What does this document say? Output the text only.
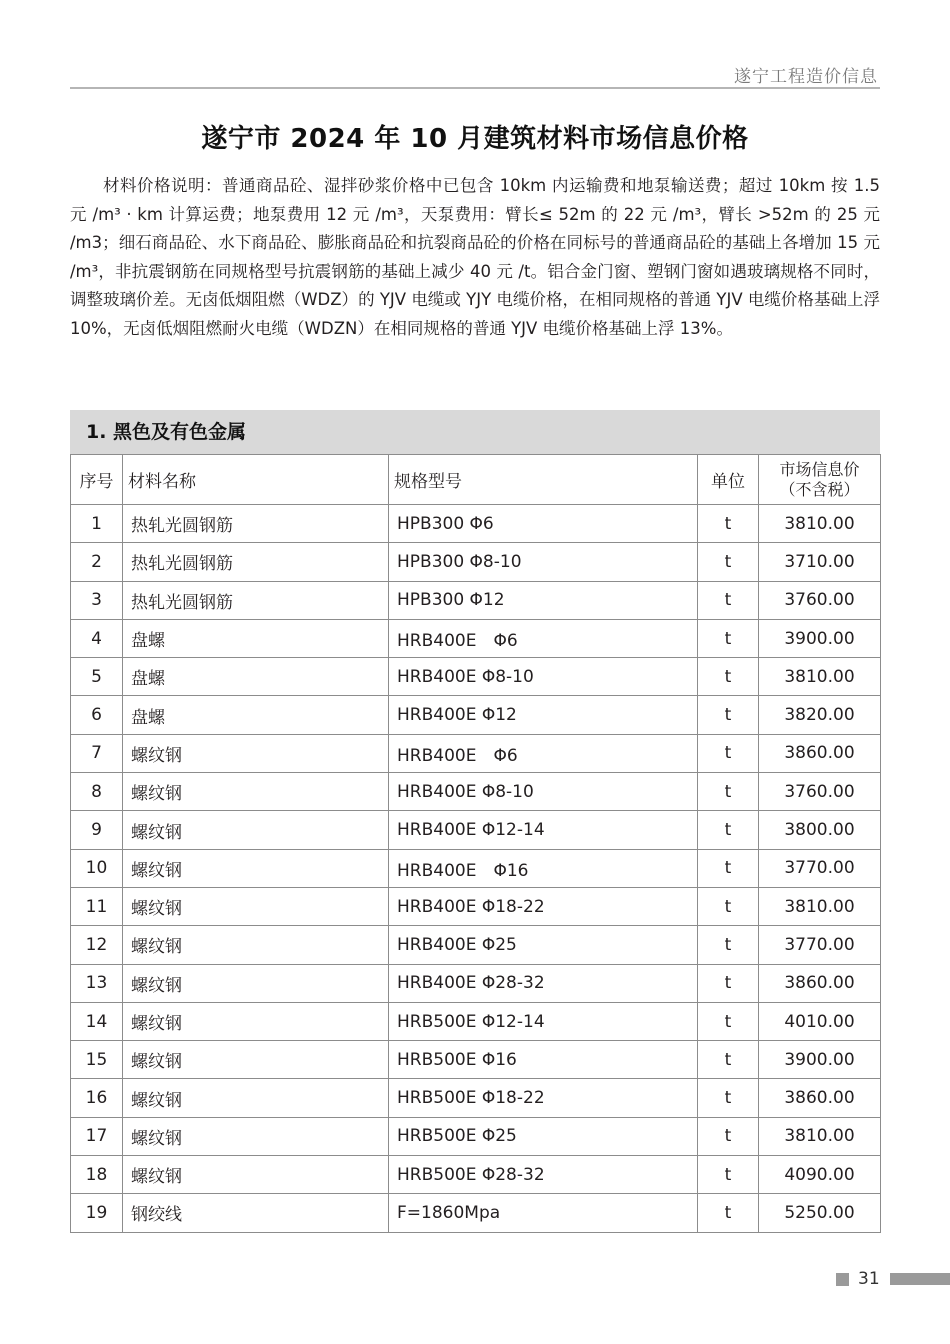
遂宁工程造价信息
遂宁市 2024 年 10 月建筑材料市场信息价格

材料价格说明：普通商品砼、湿拌砂浆价格中已包含 10km 内运输费和地泵输送费；超过 10km 按 1.5 元 /m³ · km 计算运费；地泵费用 12 元 /m³，天泵费用：臂长≤ 52m 的 22 元 /m³，臂长 >52m 的 25 元 /m3；细石商品砼、水下商品砼、膨胀商品砼和抗裂商品砼的价格在同标号的普通商品砼的基础上各增加 15 元 /m³，非抗震钢筋在同规格型号抗震钢筋的基础上减少 40 元 /t。铝合金门窗、塑钢门窗如遇玻璃规格不同时，调整玻璃价差。无卤低烟阻燃（WDZ）的 YJV 电缆或 YJY 电缆价格，在相同规格的普通 YJV 电缆价格基础上浮 10%，无卤低烟阻燃耐火电缆（WDZN）在相同规格的普通 YJV 电缆价格基础上浮 13%。

1. 黑色及有色金属
序号	材料名称	规格型号	单位	市场信息价
（不含税）

1	热轧光圆钢筋	HPB300 Φ6	t	3810.00
2	热轧光圆钢筋	HPB300 Φ8-10	t	3710.00
3	热轧光圆钢筋	HPB300 Φ12	t	3760.00
4	盘螺	HRB400E　Φ6	t	3900.00
5	盘螺	HRB400E Φ8-10	t	3810.00
6	盘螺	HRB400E Φ12	t	3820.00
7	螺纹钢	HRB400E　Φ6	t	3860.00
8	螺纹钢	HRB400E Φ8-10	t	3760.00
9	螺纹钢	HRB400E Φ12-14	t	3800.00
10	螺纹钢	HRB400E　Φ16	t	3770.00
11	螺纹钢	HRB400E Φ18-22	t	3810.00
12	螺纹钢	HRB400E Φ25	t	3770.00
13	螺纹钢	HRB400E Φ28-32	t	3860.00
14	螺纹钢	HRB500E Φ12-14	t	4010.00
15	螺纹钢	HRB500E Φ16	t	3900.00
16	螺纹钢	HRB500E Φ18-22	t	3860.00
17	螺纹钢	HRB500E Φ25	t	3810.00
18	螺纹钢	HRB500E Φ28-32	t	4090.00
19	钢绞线	F=1860Mpa	t	5250.00
31
